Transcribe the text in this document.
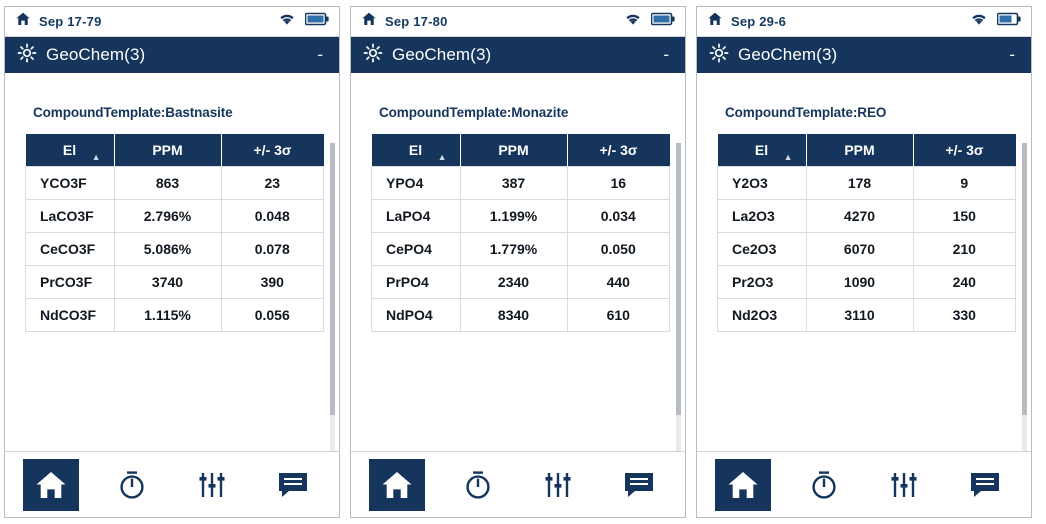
Sep 17-79
GeoChem(3)	-
CompoundTemplate:Bastnasite
El ▲	PPM	+/- 3σ
YCO3F	863	23
LaCO3F	2.796%	0.048
CeCO3F	5.086%	0.078
PrCO3F	3740	390
NdCO3F	1.115%	0.056
Sep 17-80
GeoChem(3)	-
CompoundTemplate:Monazite
El ▲	PPM	+/- 3σ
YPO4	387	16
LaPO4	1.199%	0.034
CePO4	1.779%	0.050
PrPO4	2340	440
NdPO4	8340	610
Sep 29-6
GeoChem(3)	-
CompoundTemplate:REO
El ▲	PPM	+/- 3σ
Y2O3	178	9
La2O3	4270	150
Ce2O3	6070	210
Pr2O3	1090	240
Nd2O3	3110	330
